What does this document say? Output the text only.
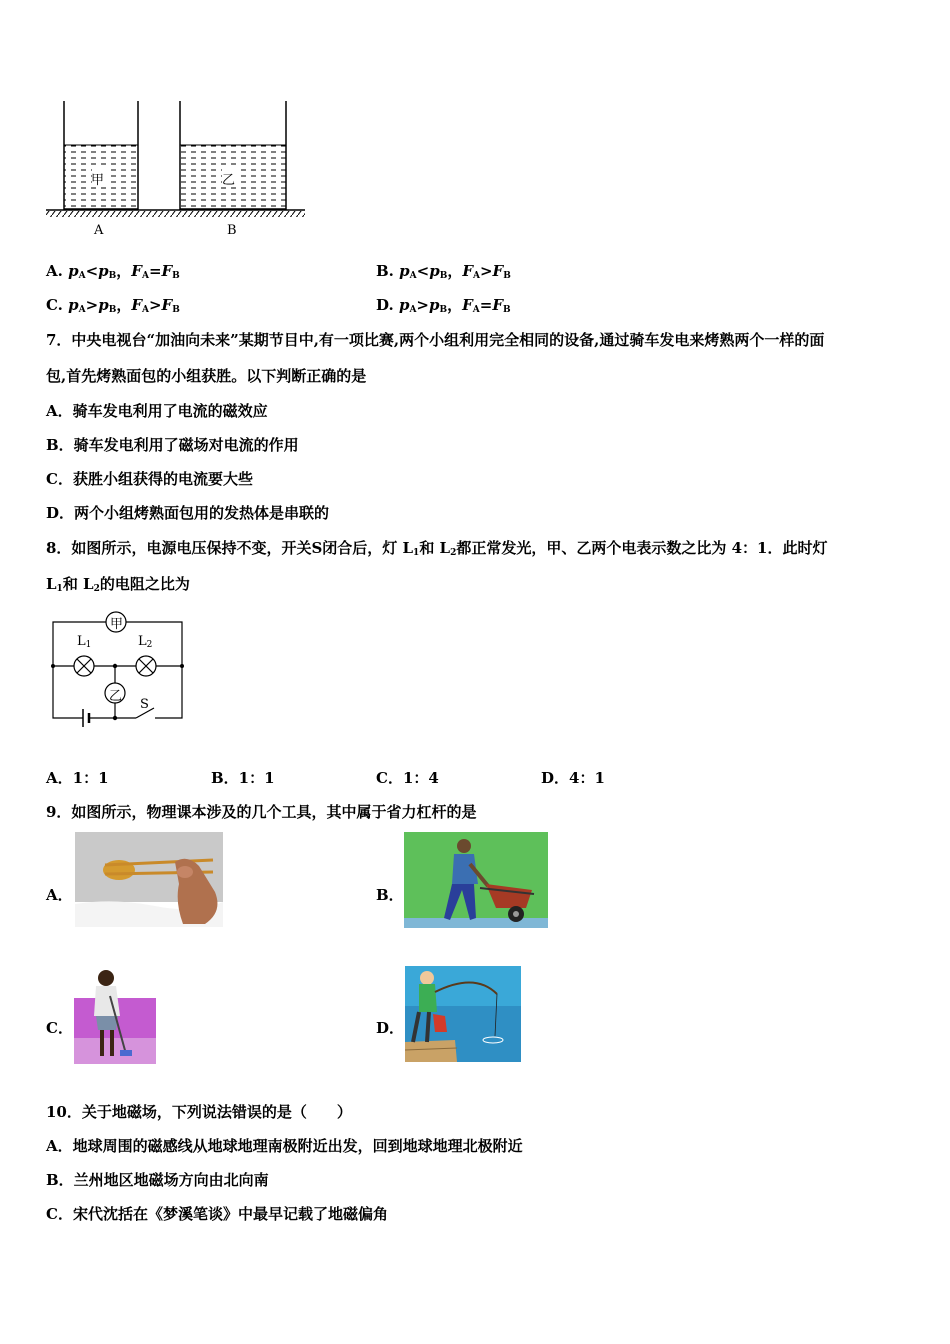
甲	乙
A	B
A. $p_A<p_B$，$F_A=F_B$	B. $p_A<p_B$，$F_A>F_B$
C. $p_A>p_B$，$F_A>F_B$	D. $p_A>p_B$，$F_A=F_B$
7．中央电视台“加油向未来”某期节目中,有一项比赛,两个小组利用完全相同的设备,通过骑车发电来烤熟两个一样的面
包,首先烤熟面包的小组获胜。以下判断正确的是
A．骑车发电利用了电流的磁效应
B．骑车发电利用了磁场对电流的作用
C．获胜小组获得的电流要大些
D．两个小组烤熟面包用的发热体是串联的
8．如图所示，电源电压保持不变，开关S闭合后，灯 $L_1$和 $L_2$都正常发光，甲、乙两个电表示数之比为 4：1．此时灯
$L_1$和 $L_2$的电阻之比为
甲
$L_1$	$L_2$
乙
S
A．1：1	B．1：1	C．1：4	D．4：1
9．如图所示，物理课本涉及的几个工具，其中属于省力杠杆的是
A．	B．
C．	D．
10．关于地磁场，下列说法错误的是（　　）
A．地球周围的磁感线从地球地理南极附近出发，回到地球地理北极附近
B．兰州地区地磁场方向由北向南
C．宋代沈括在《梦溪笔谈》中最早记载了地磁偏角
